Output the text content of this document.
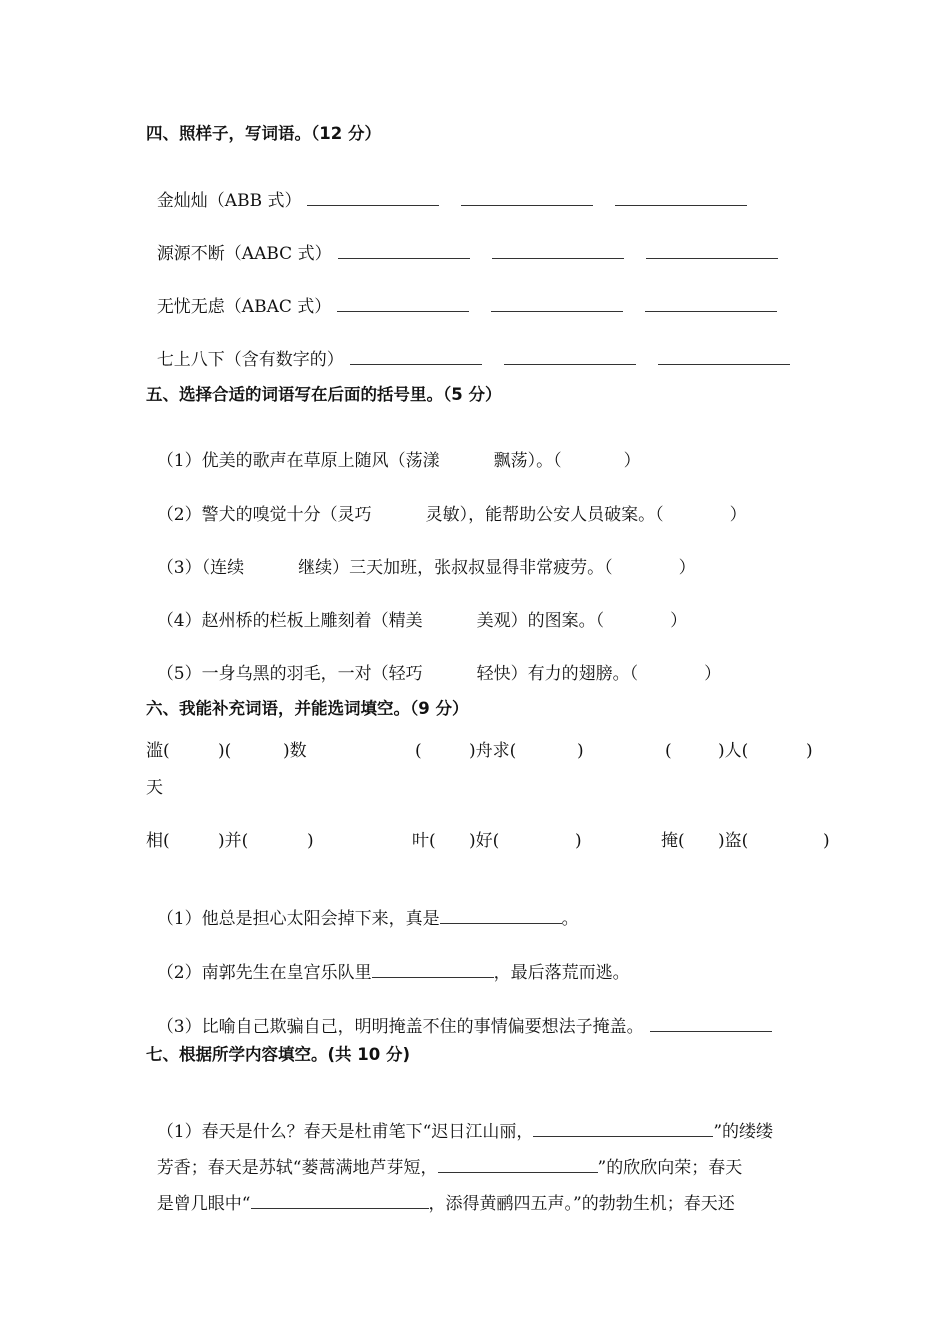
四、照样子，写词语。（12 分）

金灿灿（ABB 式）

源源不断（AABC 式）

无忧无虑（ABAC 式）

七上八下（含有数字的）

五、选择合适的词语写在后面的括号里。（5 分）

（1）优美的歌声在草原上随风（荡漾	飘荡）。（	）

（2）警犬的嗅觉十分（灵巧	灵敏），能帮助公安人员破案。（	）

（3）（连续	继续）三天加班，张叔叔显得非常疲劳。（	）

（4）赵州桥的栏板上雕刻着（精美	美观）的图案。（	）

（5）一身乌黑的羽毛，一对（轻巧	轻快）有力的翅膀。（	）

六、我能补充词语，并能选词填空。（9 分）
滥(	)(	)数	(	)舟求(	)	(	)人(	)
天
相(	)并(	)	叶( )好(	)	掩( )盗(	)

（1）他总是担心太阳会掉下来，真是	。

（2）南郭先生在皇宫乐队里	，最后落荒而逃。

（3）比喻自己欺骗自己，明明掩盖不住的事情偏要想法子掩盖。

七、根据所学内容填空。(共 10 分)

（1）春天是什么？春天是杜甫笔下“迟日江山丽，	”的缕缕

芳香；春天是苏轼“蒌蒿满地芦芽短，	”的欣欣向荣；春天

是曾几眼中“	，添得黄鹂四五声。”的勃勃生机；春天还
